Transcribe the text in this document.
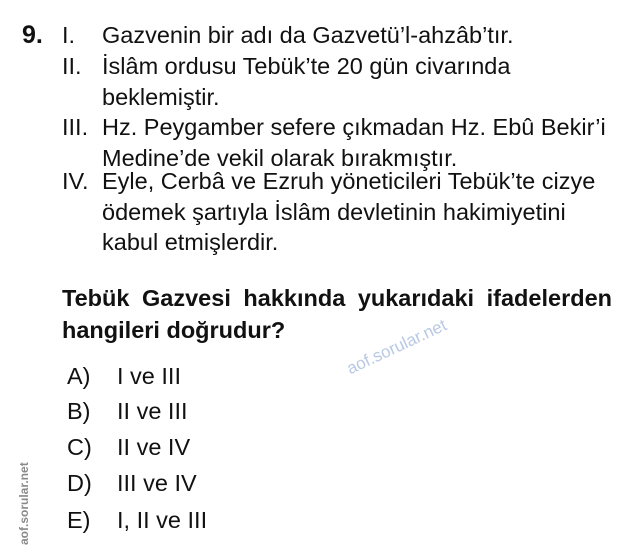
9. I. Gazvenin bir adı da Gazvetü’l-ahzâb’tır.
II. İslâm ordusu Tebük’te 20 gün civarında beklemiştir.
III. Hz. Peygamber sefere çıkmadan Hz. Ebû Bekir’i Medine’de vekil olarak bırakmıştır.
IV. Eyle, Cerbâ ve Ezruh yöneticileri Tebük’te cizye ödemek şartıyla İslâm devletinin hakimiyetini kabul etmişlerdir.
Tebük Gazvesi hakkında yukarıdaki ifadelerden hangileri doğrudur?
A) I ve III
B) II ve III
C) II ve IV
D) III ve IV
E) I, II ve III
aof.sorular.net
aof.sorular.net
